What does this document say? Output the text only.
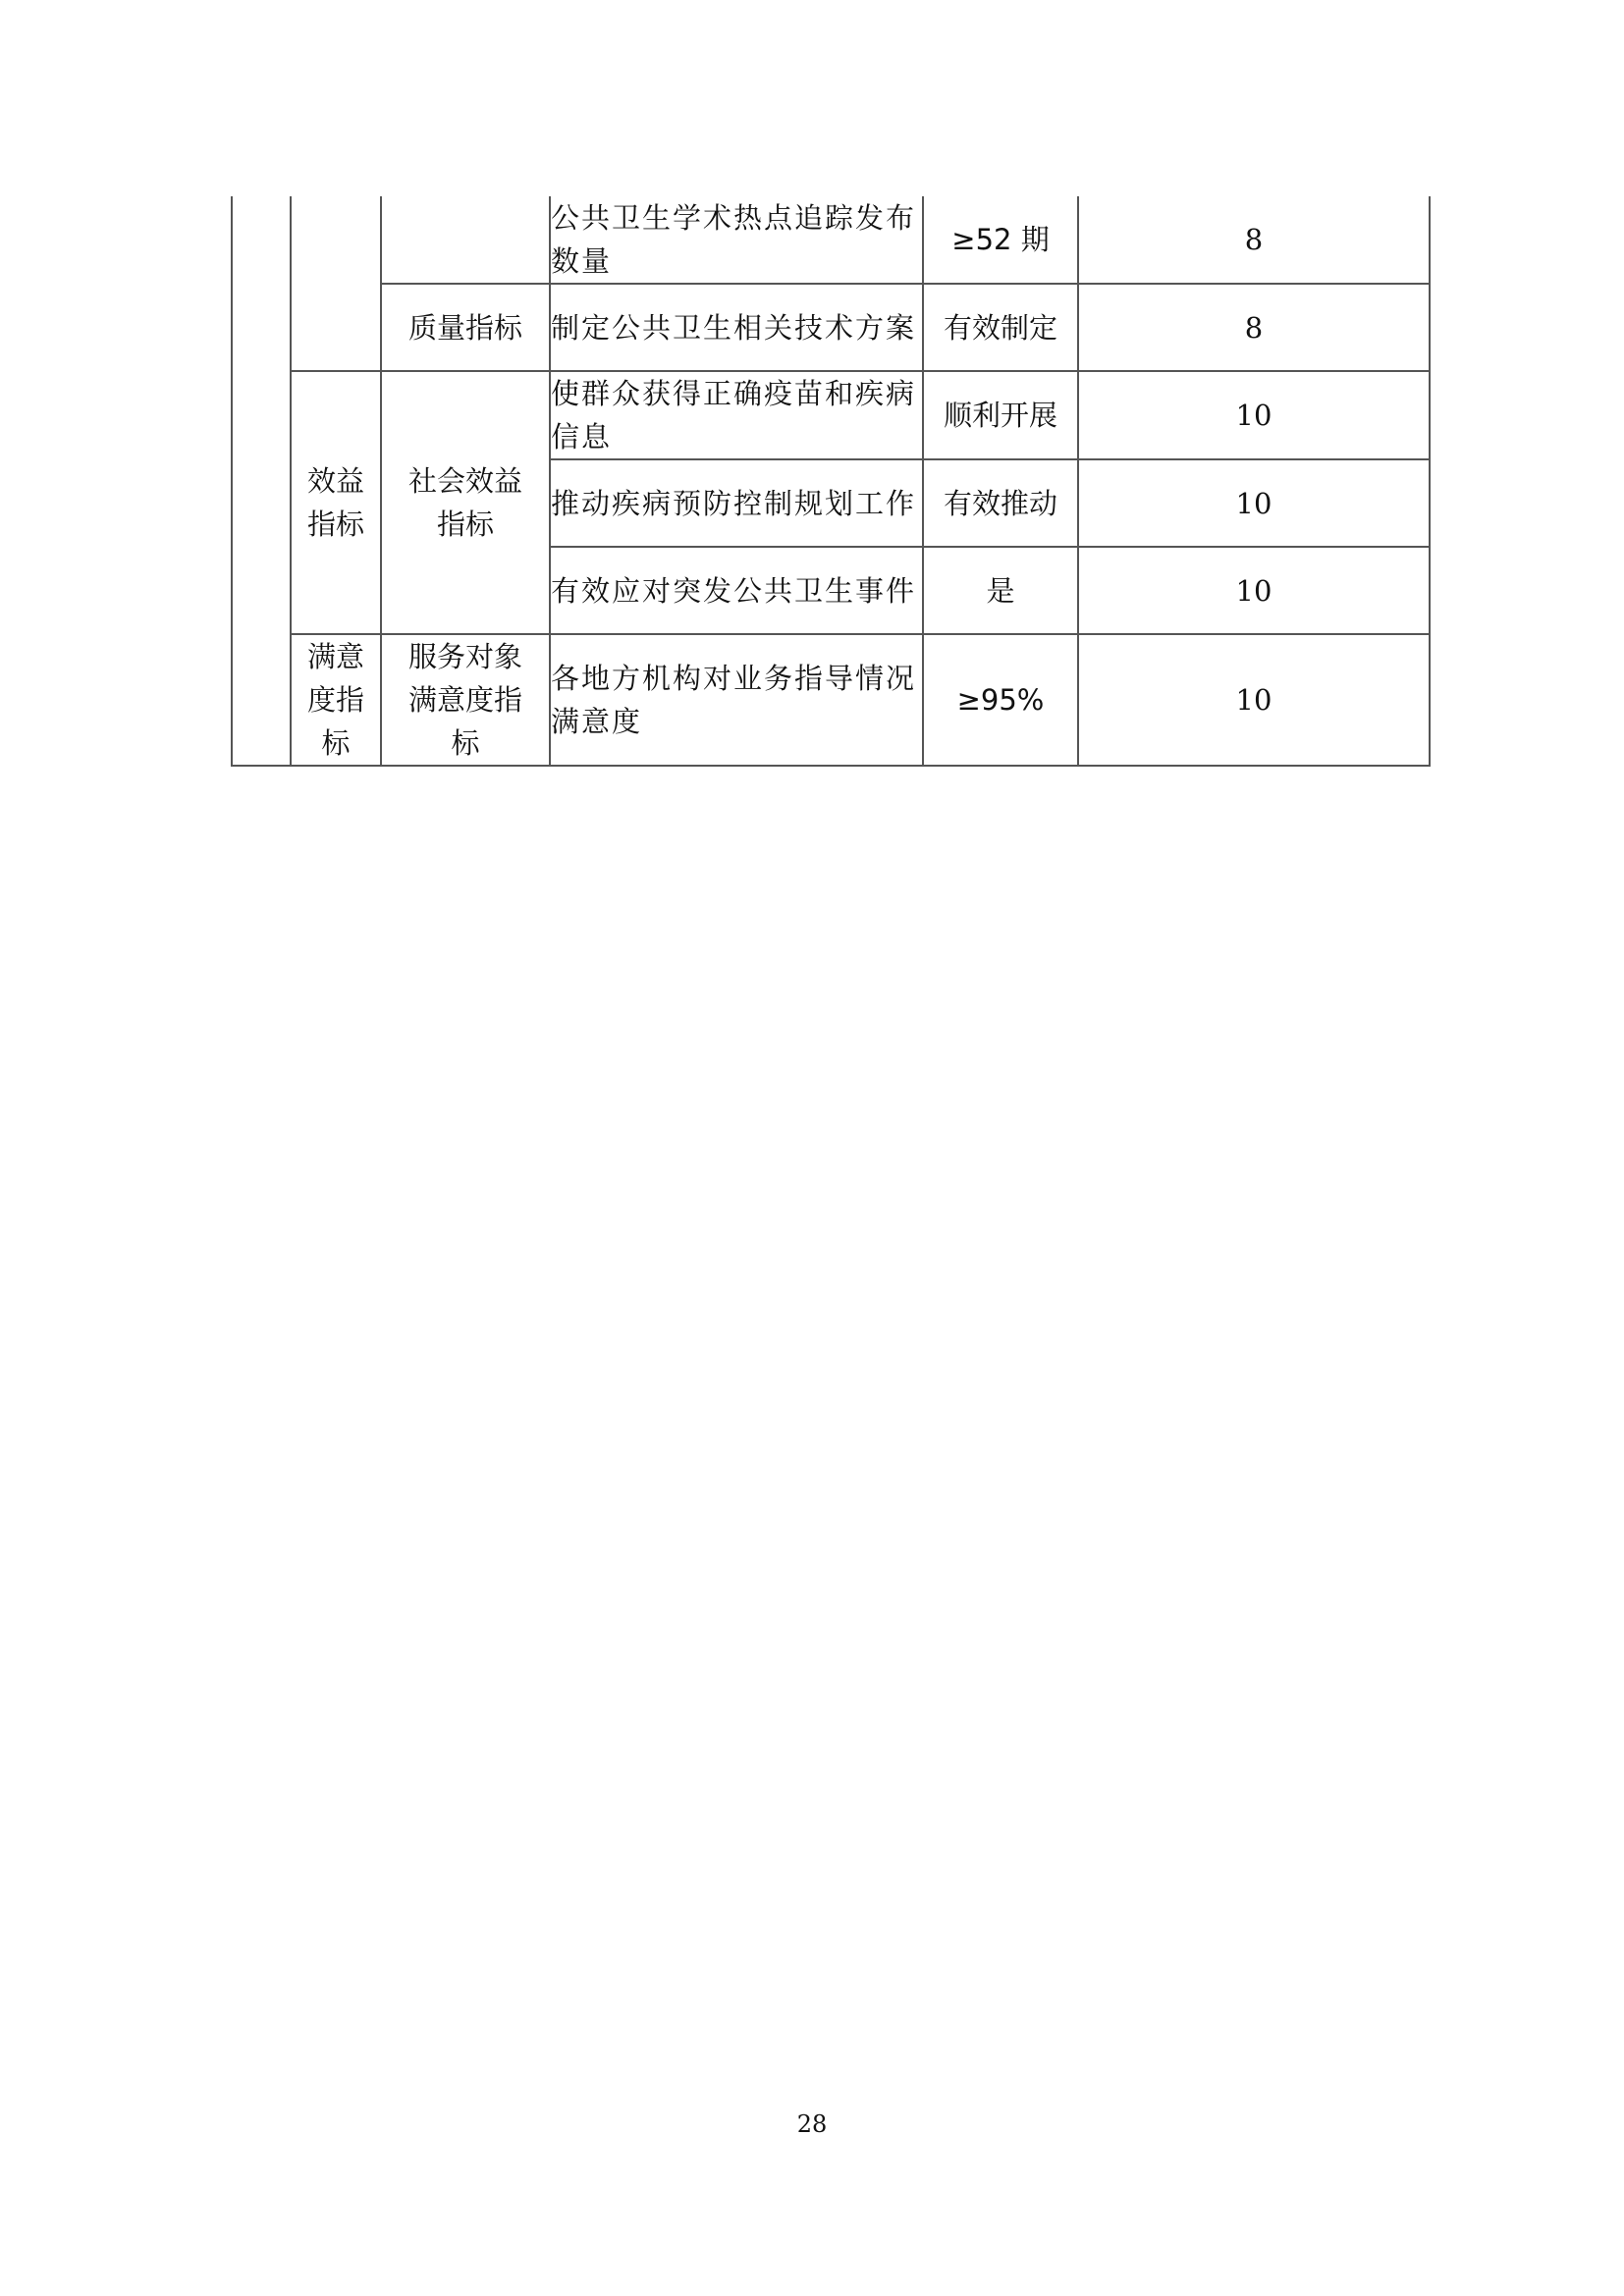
			公共卫生学术热点追踪发布数量	≥52 期	8
		质量指标	制定公共卫生相关技术方案	有效制定	8
	效益指标	社会效益指标	使群众获得正确疫苗和疾病信息	顺利开展	10
			推动疾病预防控制规划工作	有效推动	10
			有效应对突发公共卫生事件	是	10
	满意度指标	服务对象满意度指标	各地方机构对业务指导情况满意度	≥95%	10
28
